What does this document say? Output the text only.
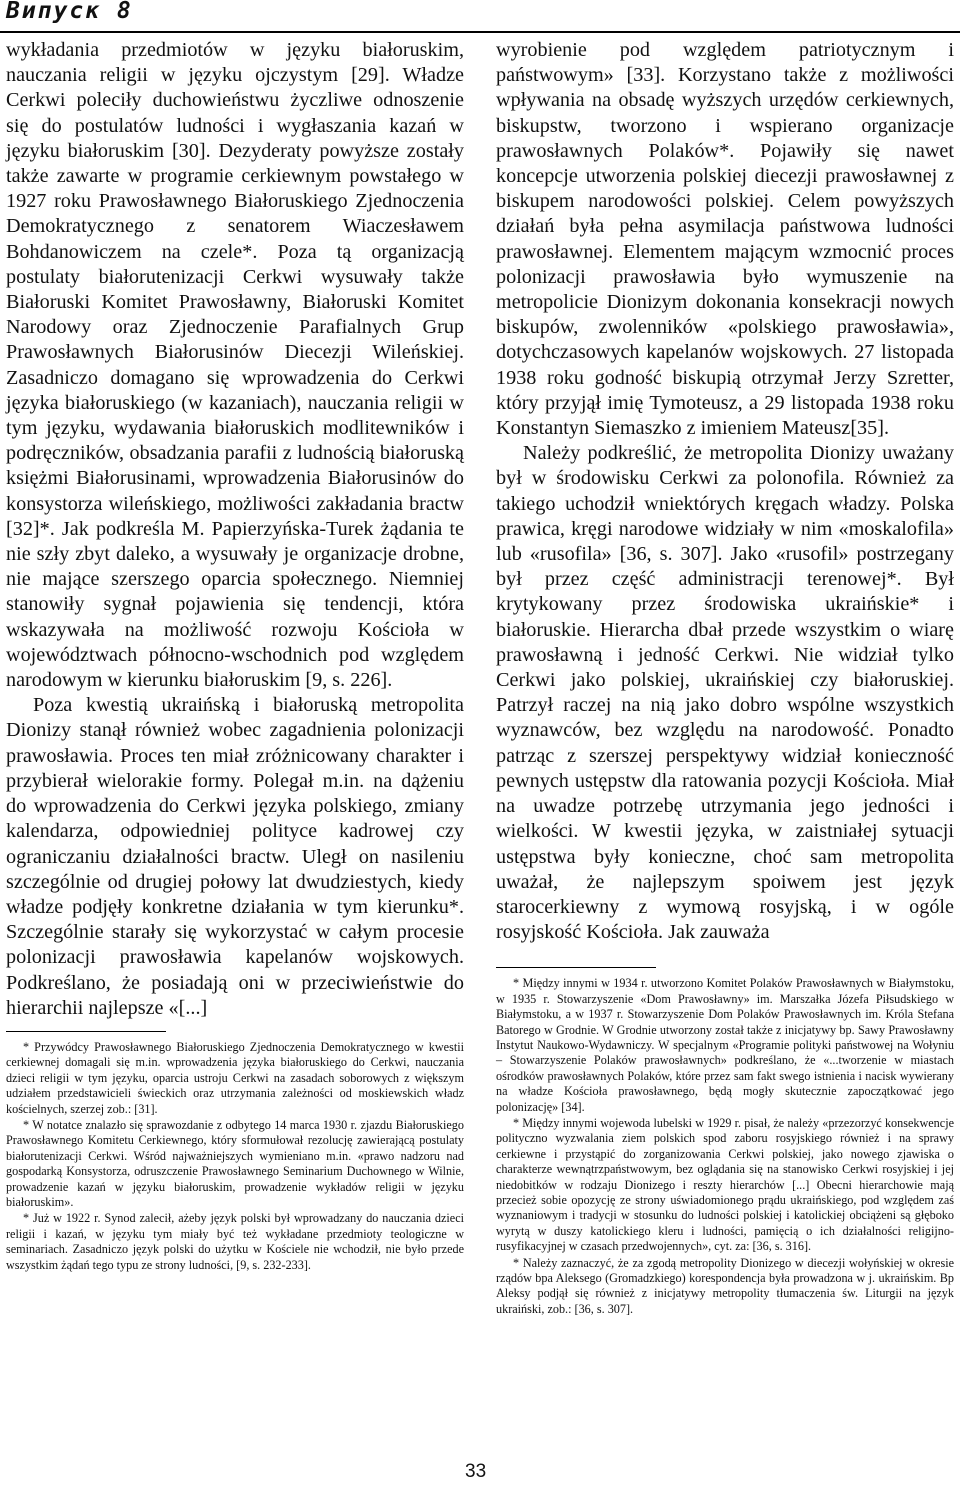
Випуск 8

wykładania przedmiotów w języku białoruskim, nauczania religii w języku ojczystym [29]. Władze Cerkwi poleciły duchowieństwu życzliwe odnoszenie się do postulatów ludności i wygłaszania kazań w języku białoruskim [30]. Dezyderaty powyższe zostały także zawarte w programie cerkiewnym powstałego w 1927 roku Prawosławnego Białoruskiego Zjednoczenia Demokratycznego z senatorem Wiaczesławem Bohdanowiczem na czele*. Poza tą organizacją postulaty białorutenizacji Cerkwi wysuwały także Białoruski Komitet Prawosławny, Białoruski Komitet Narodowy oraz Zjednoczenie Parafialnych Grup Prawosławnych Białorusinów Diecezji Wileńskiej. Zasadniczo domagano się wprowadzenia do Cerkwi języka białoruskiego (w kazaniach), nauczania religii w tym języku, wydawania białoruskich modlitewników i podręczników, obsadzania parafii z ludnością białoruską księżmi Białorusinami, wprowadzenia Białorusinów do konsystorza wileńskiego, możliwości zakładania bractw [32]*. Jak podkreśla M. Papierzyńska-Turek żądania te nie szły zbyt daleko, a wysuwały je organizacje drobne, nie mające szerszego oparcia społecznego. Niemniej stanowiły sygnał pojawienia się tendencji, która wskazywała na możliwość rozwoju Kościoła w województwach północno-wschodnich pod względem narodowym w kierunku białoruskim [9, s. 226].

Poza kwestią ukraińską i białoruską metropolita Dionizy stanął również wobec zagadnienia polonizacji prawosławia. Proces ten miał zróżnicowany charakter i przybierał wielorakie formy. Polegał m.in. na dążeniu do wprowadzenia do Cerkwi języka polskiego, zmiany kalendarza, odpowiedniej polityce kadrowej czy ograniczaniu działalności bractw. Uległ on nasileniu szczególnie od drugiej połowy lat dwudziestych, kiedy władze podjęły konkretne działania w tym kierunku*. Szczególnie starały się wykorzystać w całym procesie polonizacji prawosławia kapelanów wojskowych. Podkreślano, że posiadają oni w przeciwieństwie do hierarchii najlepsze «[...]

* Przywódcy Prawosławnego Białoruskiego Zjednoczenia Demokratycznego w kwestii cerkiewnej domagali się m.in. wprowadzenia języka białoruskiego do Cerkwi, nauczania dzieci religii w tym języku, oparcia ustroju Cerkwi na zasadach soborowych z większym udziałem przedstawicieli świeckich oraz utrzymania zależności od moskiewskich władz kościelnych, szerzej zob.: [31].

* W notatce znalazło się sprawozdanie z odbytego 14 marca 1930 r. zjazdu Białoruskiego Prawosławnego Komitetu Cerkiewnego, który sformułował rezolucję zawierającą postulaty białorutenizacji Cerkwi. Wśród najważniejszych wymieniano m.in. «prawo nadzoru nad gospodarką Konsystorza, odruszczenie Prawosławnego Seminarium Duchownego w Wilnie, prowadzenie kazań w języku białoruskim, prowadzenie wykładów religii w języku białoruskim».

* Już w 1922 r. Synod zalecił, ażeby język polski był wprowadzany do nauczania dzieci religii i kazań, w języku tym miały być też wykładane przedmioty teologiczne w seminariach. Zasadniczo język polski do użytku w Kościele nie wchodził, nie było przede wszystkim żądań tego typu ze strony ludności, [9, s. 232-233].

wyrobienie pod względem patriotycznym i państwowym» [33]. Korzystano także z możliwości wpływania na obsadę wyższych urzędów cerkiewnych, biskupstw, tworzono i wspierano organizacje prawosławnych Polaków*. Pojawiły się nawet koncepcje utworzenia polskiej diecezji prawosławnej z biskupem narodowości polskiej. Celem powyższych działań była pełna asymilacja państwowa ludności prawosławnej. Elementem mającym wzmocnić proces polonizacji prawosławia było wymuszenie na metropolicie Dionizym dokonania konsekracji nowych biskupów, zwolenników «polskiego prawosławia», dotychczasowych kapelanów wojskowych. 27 listopada 1938 roku godność biskupią otrzymał Jerzy Szretter, który przyjął imię Tymoteusz, a 29 listopada 1938 roku Konstantyn Siemaszko z imieniem Mateusz[35].

Należy podkreślić, że metropolita Dionizy uważany był w środowisku Cerkwi za polonofila. Również za takiego uchodził wniektórych kręgach władzy. Polska prawica, kręgi narodowe widziały w nim «moskalofila» lub «rusofila» [36, s. 307]. Jako «rusofil» postrzegany był przez część administracji terenowej*. Był krytykowany przez środowiska ukraińskie* i białoruskie. Hierarcha dbał przede wszystkim o wiarę prawosławną i jedność Cerkwi. Nie widział tylko Cerkwi jako polskiej, ukraińskiej czy białoruskiej. Patrzył raczej na nią jako dobro wspólne wszystkich wyznawców, bez względu na narodowość. Ponadto patrząc z szerszej perspektywy widział konieczność pewnych ustępstw dla ratowania pozycji Kościoła. Miał na uwadze potrzebę utrzymania jego jedności i wielkości. W kwestii języka, w zaistniałej sytuacji ustępstwa były konieczne, choć sam metropolita uważał, że najlepszym spoiwem jest język starocerkiewny z wymową rosyjską, i w ogóle rosyjskość Kościoła. Jak zauważa

* Między innymi w 1934 r. utworzono Komitet Polaków Prawosławnych w Białymstoku, w 1935 r. Stowarzyszenie «Dom Prawosławny» im. Marszałka Józefa Piłsudskiego w Białymstoku, a w 1937 r. Stowarzyszenie Dom Polaków Prawosławnych im. Króla Stefana Batorego w Grodnie. W Grodnie utworzony został także z inicjatywy bp. Sawy Prawosławny Instytut Naukowo-Wydawniczy. W specjalnym «Programie polityki państwowej na Wołyniu – Stowarzyszenie Polaków prawosławnych» podkreślano, że «...tworzenie w miastach ośrodków prawosławnych Polaków, które przez sam fakt swego istnienia i nacisk wywierany na władze Kościoła prawosławnego, będą mogły skutecznie zapoczątkować jego polonizację» [34].

* Między innymi wojewoda lubelski w 1929 r. pisał, że należy «przezorzyć konsekwencje polityczno wyzwalania ziem polskich spod zaboru rosyjskiego również i na sprawy cerkiewne i przystąpić do zorganizowania Cerkwi polskiej, jako nowego zjawiska o charakterze wewnątrzpaństwowym, bez oglądania się na stanowisko Cerkwi rosyjskiej i jej niedobitków w rodzaju Dionizego i reszty hierarchów [...] Obecni hierarchowie mają przecież sobie opozycję ze strony uświadomionego prądu ukraińskiego, pod względem zaś wyznaniowym i tradycji w stosunku do ludności polskiej i katolickiej obciążeni są głęboko wyrytą w duszy katolickiego kleru i ludności, pamięcią o ich działalności religijno-rusyfikacyjnej w czasach przedwojennych», cyt. za: [36, s. 316].

* Należy zaznaczyć, że za zgodą metropolity Dionizego w diecezji wołyńskiej w okresie rządów bpa Aleksego (Gromadzkiego) korespondencja była prowadzona w j. ukraińskim. Bp Aleksy podjął się również z inicjatywy metropolity tłumaczenia św. Liturgii na język ukraiński, zob.: [36, s. 307].

33
